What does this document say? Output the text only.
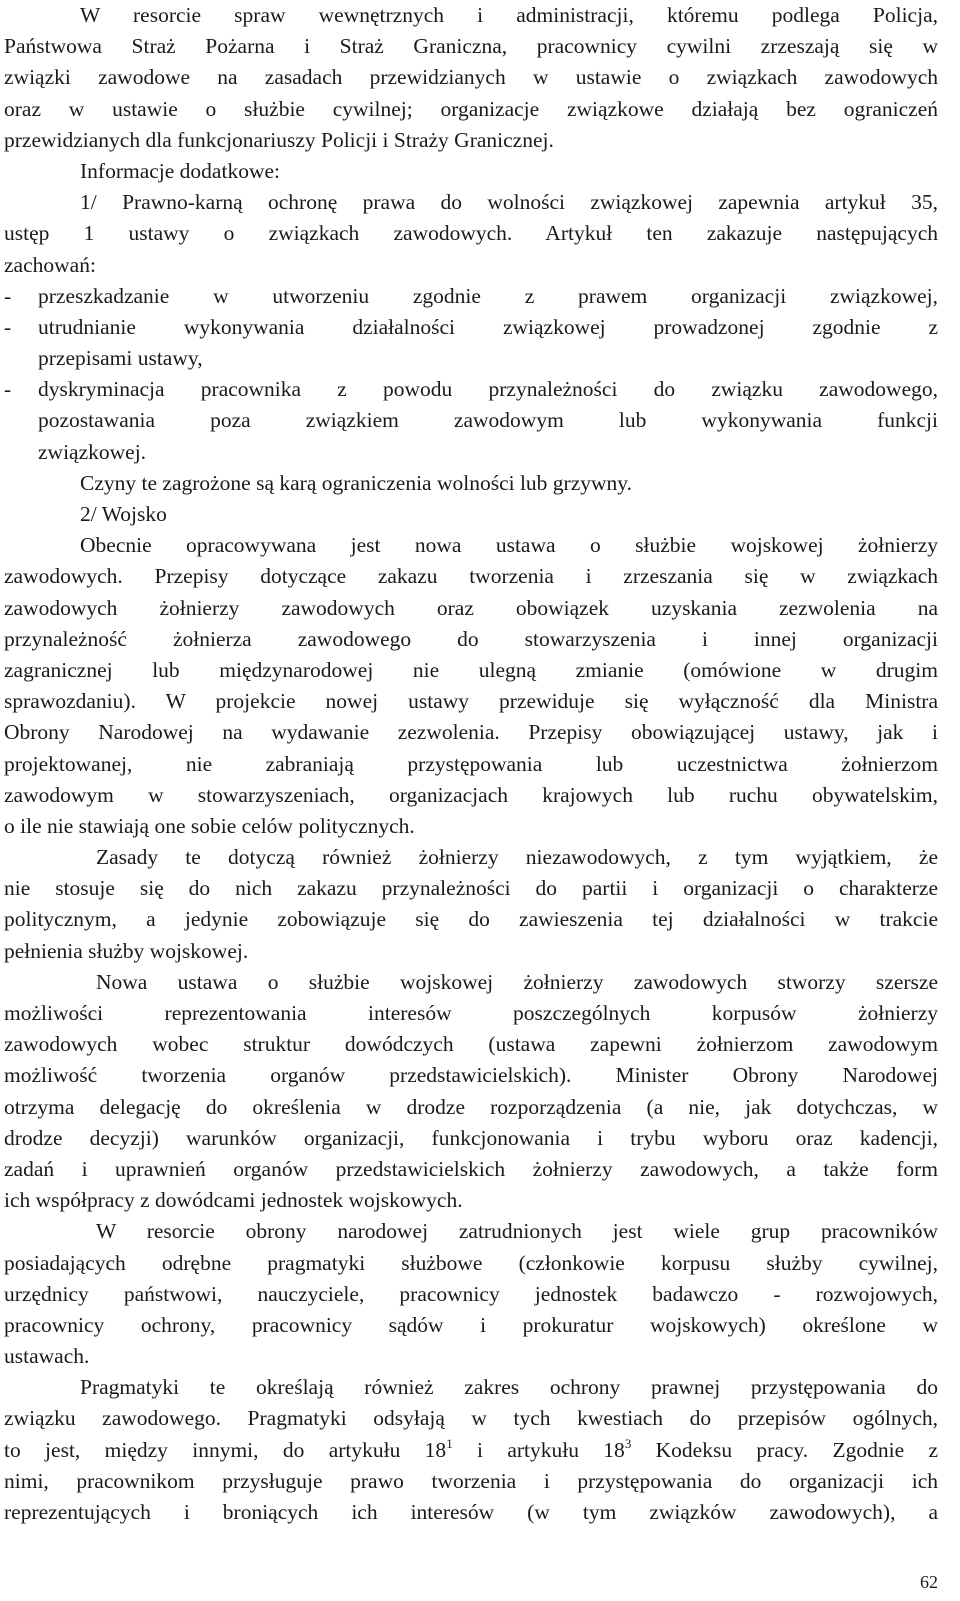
W resorcie spraw wewnętrznych i administracji, któremu podlega Policja,
Państwowa Straż Pożarna i Straż Graniczna, pracownicy cywilni zrzeszają się w
związki zawodowe na zasadach przewidzianych w ustawie o związkach zawodowych
oraz w ustawie o służbie cywilnej; organizacje związkowe działają bez ograniczeń
przewidzianych dla funkcjonariuszy Policji i Straży Granicznej.
Informacje dodatkowe:
1/ Prawno-karną ochronę prawa do wolności związkowej zapewnia artykuł 35,
ustęp 1 ustawy o związkach zawodowych. Artykuł ten zakazuje następujących
zachowań:
-	przeszkadzanie w utworzeniu zgodnie z prawem organizacji związkowej,
-	utrudnianie wykonywania działalności związkowej prowadzonej zgodnie z
przepisami ustawy,
-	dyskryminacja pracownika z powodu przynależności do związku zawodowego,
pozostawania poza związkiem zawodowym lub wykonywania funkcji
związkowej.
Czyny te zagrożone są karą ograniczenia wolności lub grzywny.
2/ Wojsko
Obecnie opracowywana jest nowa ustawa o służbie wojskowej żołnierzy
zawodowych. Przepisy dotyczące zakazu tworzenia i zrzeszania się w związkach
zawodowych żołnierzy zawodowych oraz obowiązek uzyskania zezwolenia na
przynależność żołnierza zawodowego do stowarzyszenia i innej organizacji
zagranicznej lub międzynarodowej nie ulegną zmianie (omówione w drugim
sprawozdaniu). W projekcie nowej ustawy przewiduje się wyłączność dla Ministra
Obrony Narodowej na wydawanie zezwolenia. Przepisy obowiązującej ustawy, jak i
projektowanej, nie zabraniają przystępowania lub uczestnictwa żołnierzom
zawodowym w stowarzyszeniach, organizacjach krajowych lub ruchu obywatelskim,
o ile nie stawiają one sobie celów politycznych.
Zasady te dotyczą również żołnierzy niezawodowych, z tym wyjątkiem, że
nie stosuje się do nich zakazu przynależności do partii i organizacji o charakterze
politycznym, a jedynie zobowiązuje się do zawieszenia tej działalności w trakcie
pełnienia służby wojskowej.
Nowa ustawa o służbie wojskowej żołnierzy zawodowych stworzy szersze
możliwości reprezentowania interesów poszczególnych korpusów żołnierzy
zawodowych wobec struktur dowódczych (ustawa zapewni żołnierzom zawodowym
możliwość tworzenia organów przedstawicielskich). Minister Obrony Narodowej
otrzyma delegację do określenia w drodze rozporządzenia (a nie, jak dotychczas, w
drodze decyzji) warunków organizacji, funkcjonowania i trybu wyboru oraz kadencji,
zadań i uprawnień organów przedstawicielskich żołnierzy zawodowych, a także form
ich współpracy z dowódcami jednostek wojskowych.
W resorcie obrony narodowej zatrudnionych jest wiele grup pracowników
posiadających odrębne pragmatyki służbowe (członkowie korpusu służby cywilnej,
urzędnicy państwowi, nauczyciele, pracownicy jednostek badawczo - rozwojowych,
pracownicy ochrony, pracownicy sądów i prokuratur wojskowych) określone w
ustawach.
Pragmatyki te określają również zakres ochrony prawnej przystępowania do
związku zawodowego. Pragmatyki odsyłają w tych kwestiach do przepisów ogólnych,
to jest, między innymi, do artykułu $18^1$ i artykułu $18^3$ Kodeksu pracy. Zgodnie z
nimi, pracownikom przysługuje prawo tworzenia i przystępowania do organizacji ich
reprezentujących i broniących ich interesów (w tym związków zawodowych), a
62
